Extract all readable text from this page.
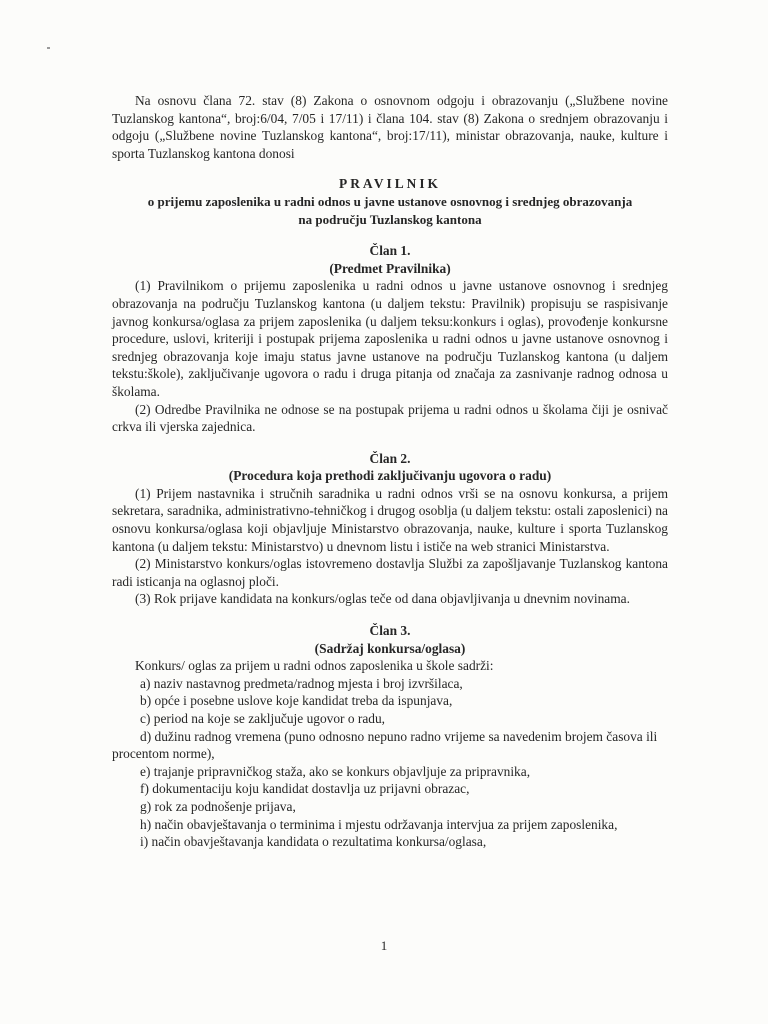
Na osnovu člana 72. stav (8) Zakona o osnovnom odgoju i obrazovanju („Službene novine Tuzlanskog kantona“, broj:6/04, 7/05 i 17/11) i člana 104. stav (8) Zakona o srednjem obrazovanju i odgoju („Službene novine Tuzlanskog kantona“, broj:17/11), ministar obrazovanja, nauke, kulture i sporta Tuzlanskog kantona donosi

PRAVILNIK

o prijemu zaposlenika u radni odnos u javne ustanove osnovnog i srednjeg obrazovanja

na području Tuzlanskog kantona

Član 1.

(Predmet Pravilnika)

(1) Pravilnikom o prijemu zaposlenika u radni odnos u javne ustanove osnovnog i srednjeg obrazovanja na području Tuzlanskog kantona (u daljem tekstu: Pravilnik) propisuju se raspisivanje javnog konkursa/oglasa za prijem zaposlenika (u daljem teksu:konkurs i oglas), provođenje konkursne procedure, uslovi, kriteriji i postupak prijema zaposlenika u radni odnos u javne ustanove osnovnog i srednjeg obrazovanja koje imaju status javne ustanove na području Tuzlanskog kantona (u daljem tekstu:škole), zaključivanje ugovora o radu i druga pitanja od značaja za zasnivanje radnog odnosa u školama.

(2) Odredbe Pravilnika ne odnose se na postupak prijema u radni odnos u školama čiji je osnivač crkva ili vjerska zajednica.

Član 2.

(Procedura koja prethodi zaključivanju ugovora o radu)

(1) Prijem nastavnika i stručnih saradnika u radni odnos vrši se na osnovu konkursa, a prijem sekretara, saradnika, administrativno-tehničkog i drugog osoblja (u daljem tekstu: ostali zaposlenici) na osnovu konkursa/oglasa koji objavljuje Ministarstvo obrazovanja, nauke, kulture i sporta Tuzlanskog kantona (u daljem tekstu: Ministarstvo) u dnevnom listu i ističe na web stranici Ministarstva.

(2) Ministarstvo konkurs/oglas istovremeno dostavlja Službi za zapošljavanje Tuzlanskog kantona radi isticanja na oglasnoj ploči.

(3) Rok prijave kandidata na konkurs/oglas teče od dana objavljivanja u dnevnim novinama.

Član 3.

(Sadržaj konkursa/oglasa)

Konkurs/ oglas za prijem u radni odnos zaposlenika u škole sadrži:

a) naziv nastavnog predmeta/radnog mjesta i broj izvršilaca,

b) opće i posebne uslove koje kandidat treba da ispunjava,

c) period na koje se zaključuje ugovor o radu,

d) dužinu radnog vremena (puno odnosno nepuno radno vrijeme sa navedenim brojem časova ili procentom norme),

e) trajanje pripravničkog staža, ako se konkurs objavljuje za pripravnika,

f) dokumentaciju koju kandidat dostavlja uz prijavni obrazac,

g) rok za podnošenje prijava,

h) način obavještavanja o terminima i mjestu održavanja intervjua za prijem zaposlenika,

i) način obavještavanja kandidata o rezultatima konkursa/oglasa,

1
